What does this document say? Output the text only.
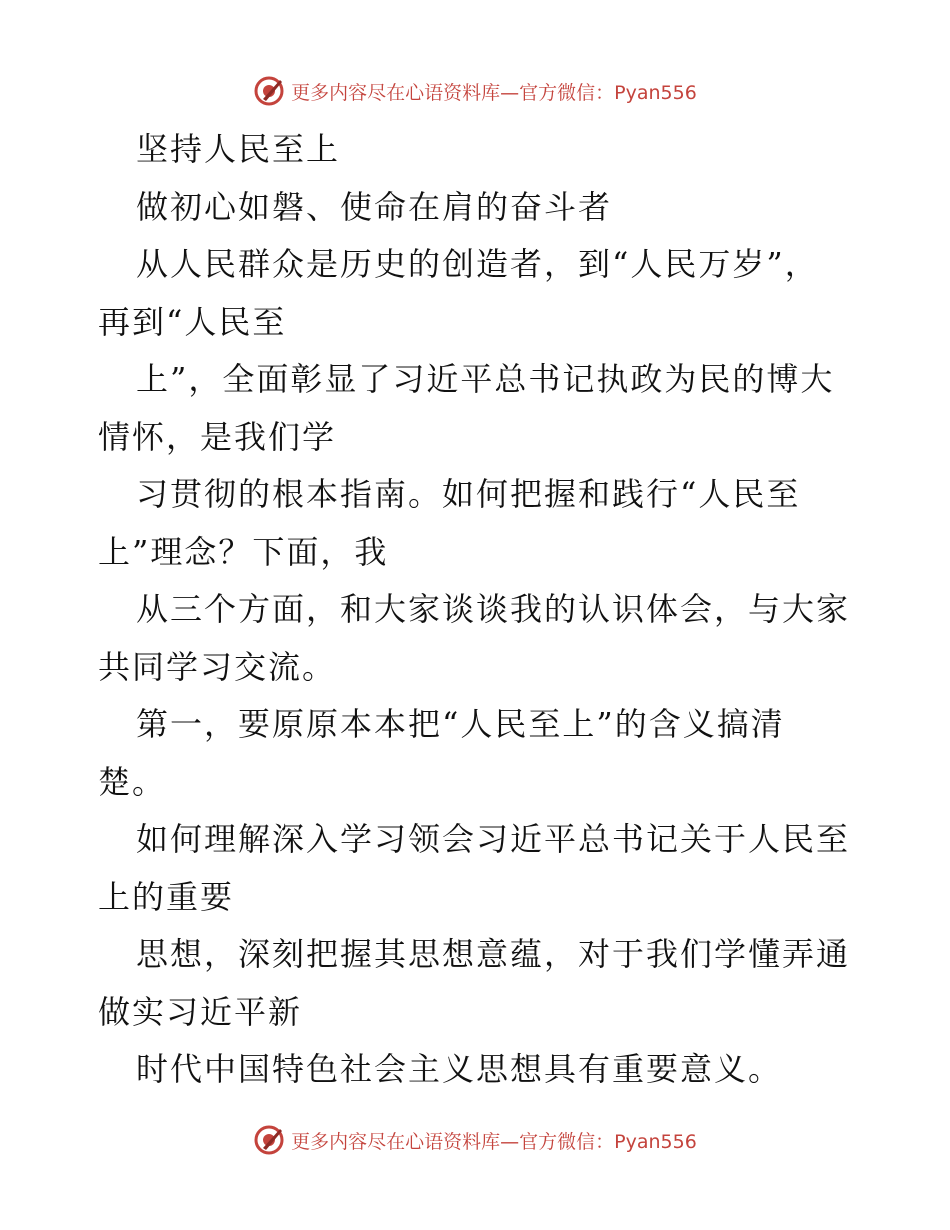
更多内容尽在心语资料库 —官方微信：Pyan556
坚持人民至上
做初心如磐、使命在肩的奋斗者
从人民群众是历史的创造者，到“人民万岁”，
再到“人民至
上”，全面彰显了习近平总书记执政为民的博大
情怀，是我们学
习贯彻的根本指南。如何把握和践行“人民至
上”理念？下面，我
从三个方面，和大家谈谈我的认识体会，与大家
共同学习交流。
第一，要原原本本把“人民至上”的含义搞清
楚。
如何理解深入学习领会习近平总书记关于人民至
上的重要
思想，深刻把握其思想意蕴，对于我们学懂弄通
做实习近平新
时代中国特色社会主义思想具有重要意义。
更多内容尽在心语资料库 —官方微信：Pyan556
